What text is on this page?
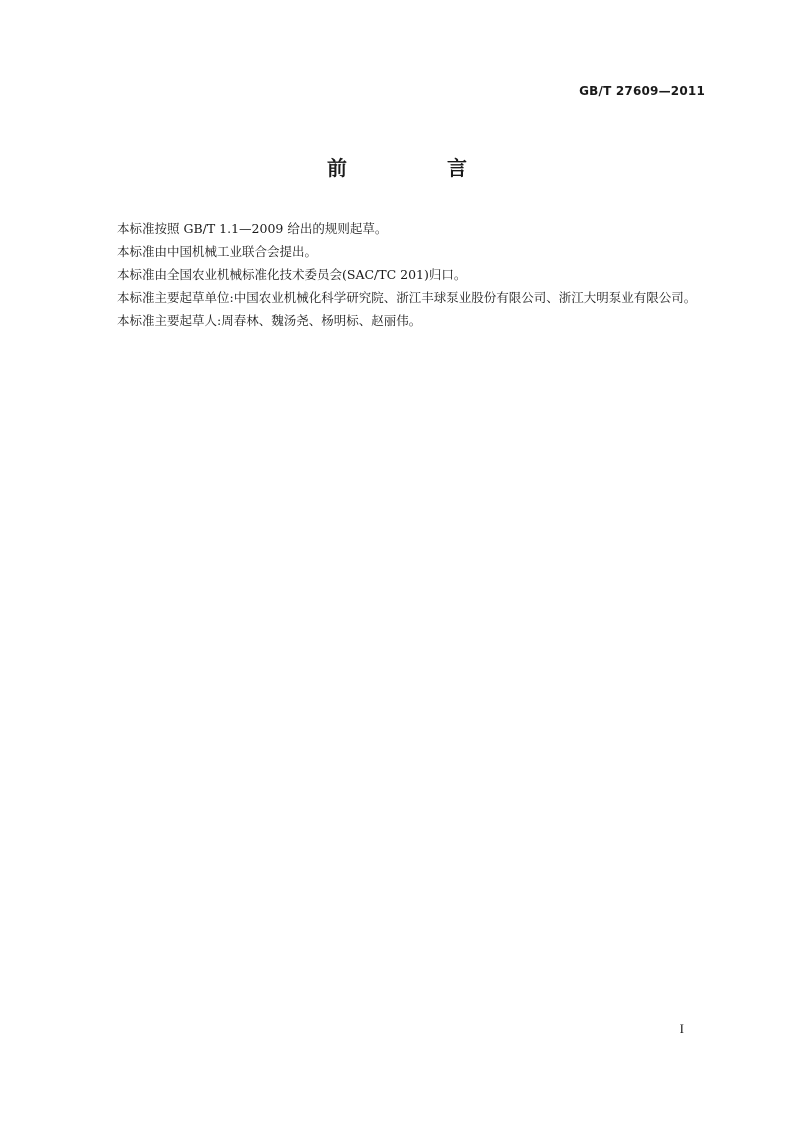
GB/T 27609—2011
前　言

本标准按照 GB/T 1.1—2009 给出的规则起草。

本标准由中国机械工业联合会提出。

本标准由全国农业机械标准化技术委员会(SAC/TC 201)归口。

本标准主要起草单位:中国农业机械化科学研究院、浙江丰球泵业股份有限公司、浙江大明泵业有限公司。

本标准主要起草人:周春林、魏汤尧、杨明标、赵丽伟。

I
